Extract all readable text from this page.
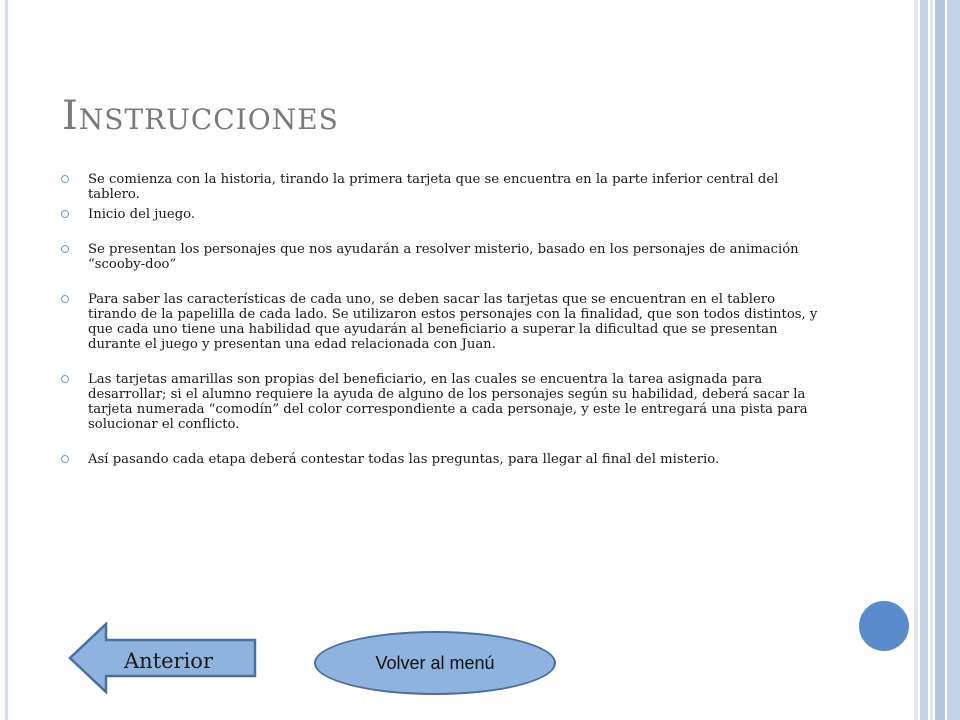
Instrucciones
Se comienza con la historia, tirando la primera tarjeta que se encuentra en la parte inferior central del tablero.
Inicio del juego.
Se presentan los personajes que nos ayudarán a resolver misterio, basado en los personajes de animación “scooby-doo”
Para saber las características de cada uno, se deben sacar las tarjetas que se encuentran en el tablero tirando de la papelilla de cada lado. Se utilizaron estos personajes con la finalidad, que son todos distintos, y que cada uno tiene una habilidad que ayudarán al beneficiario a superar la dificultad que se presentan durante el juego y presentan una edad relacionada con Juan.
Las tarjetas amarillas son propias del beneficiario, en las cuales se encuentra la tarea asignada para desarrollar; si el alumno requiere la ayuda de alguno de los personajes según su habilidad, deberá sacar la tarjeta numerada “comodín” del color correspondiente a cada personaje, y este le entregará una pista para solucionar el conflicto.
Así pasando cada etapa deberá contestar todas las preguntas, para llegar al final del misterio.
Anterior	Volver al menú
